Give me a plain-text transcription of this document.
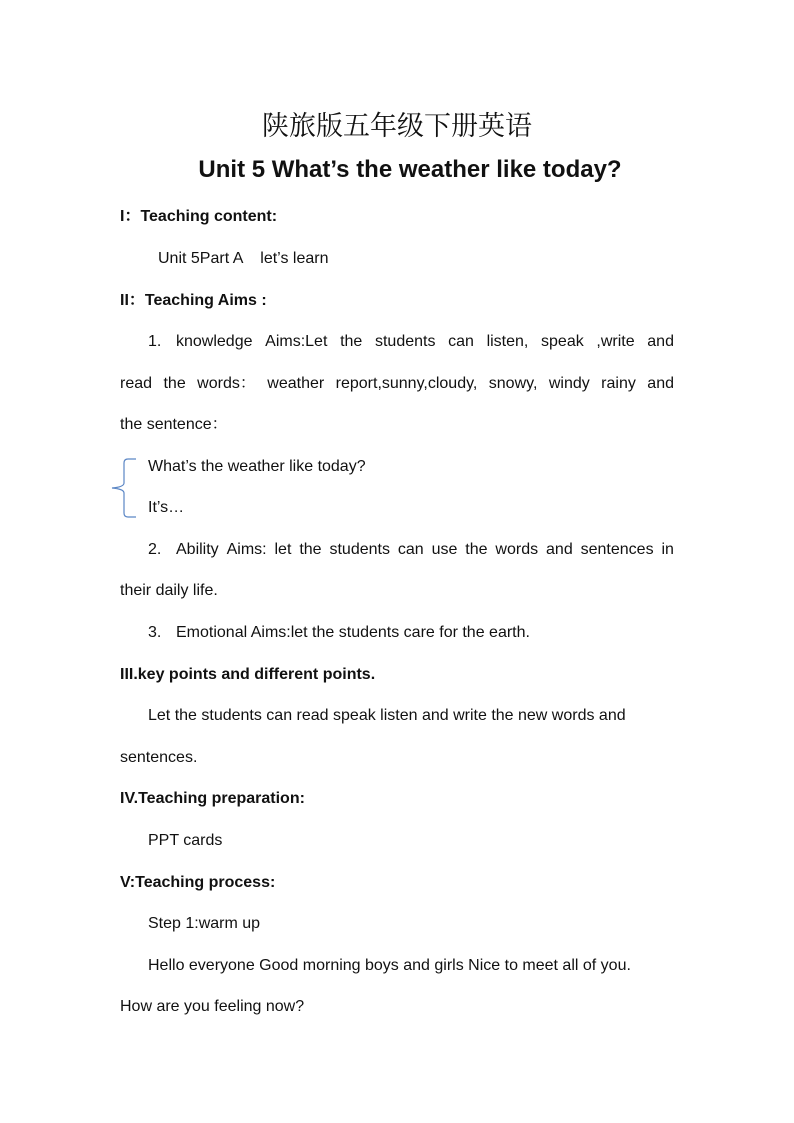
陕旅版五年级下册英语
Unit 5 What’s the weather like today?
I：Teaching content:
Unit 5Part A    let’s learn
II：Teaching Aims :
1. knowledge Aims:Let the students can listen, speak ,write and
read the words： weather report,sunny,cloudy, snowy, windy rainy and
the sentence：
What’s the weather like today?
It’s…
2. Ability Aims: let the students can use the words and sentences in
their daily life.
3. Emotional Aims:let the students care for the earth.
III.key points and different points.
Let the students can read speak listen and write the new words and
sentences.
IV.Teaching preparation:
PPT cards
V:Teaching process:
Step 1:warm up
Hello everyone Good morning boys and girls Nice to meet all of you.
How are you feeling now?
